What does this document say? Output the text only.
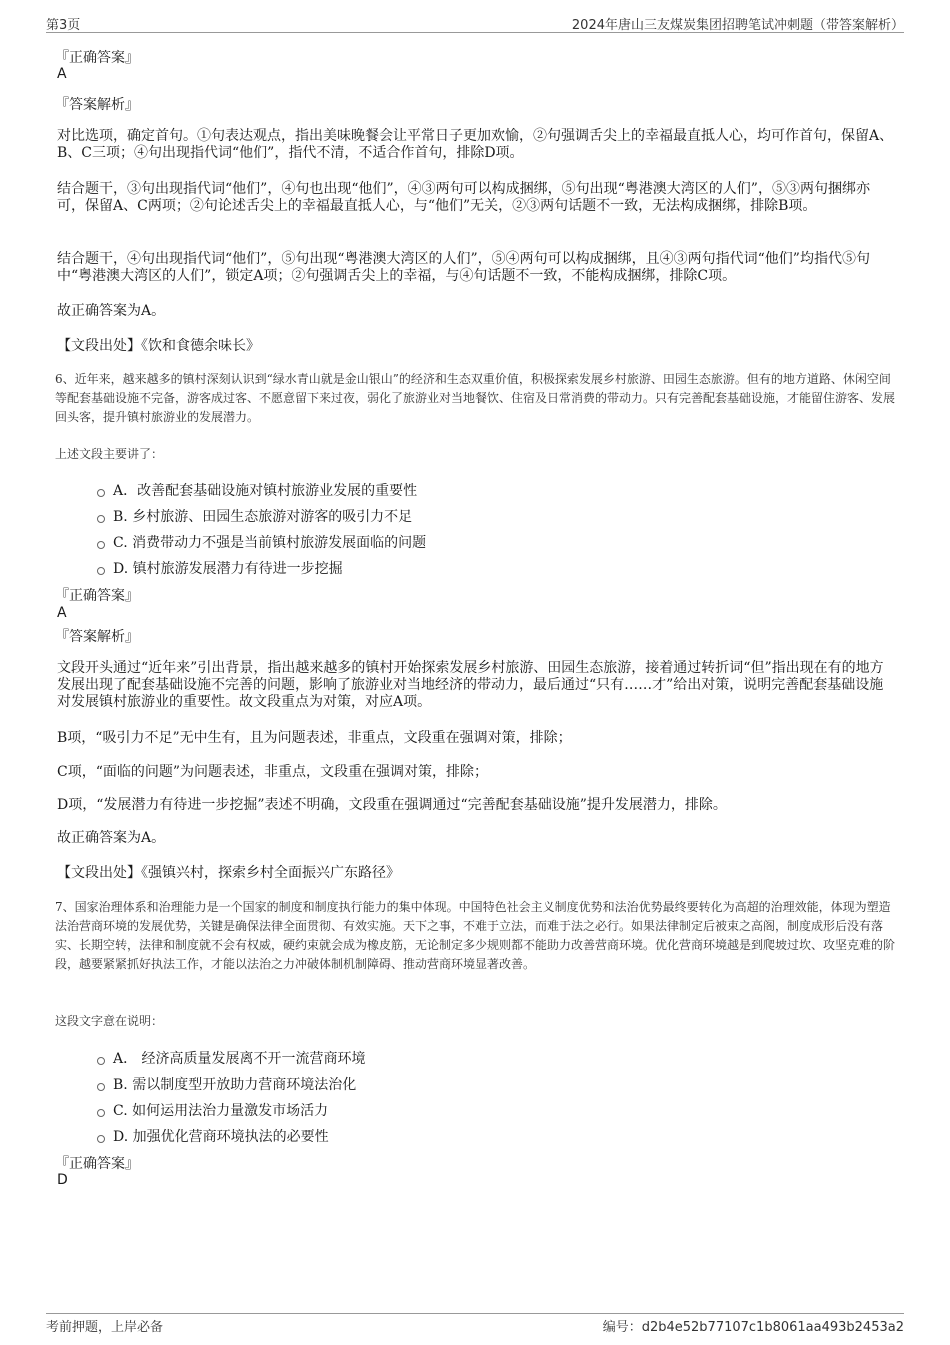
第3页	2024年唐山三友煤炭集团招聘笔试冲刺题（带答案解析）
『正确答案』
A
『答案解析』
对比选项，确定首句。①句表达观点，指出美味晚餐会让平常日子更加欢愉，②句强调舌尖上的幸福最直抵人心，均可作首句，保留A、B、C三项；④句出现指代词“他们”，指代不清，不适合作首句，排除D项。
结合题干，③句出现指代词“他们”，④句也出现“他们”，④③两句可以构成捆绑，⑤句出现“粤港澳大湾区的人们”，⑤③两句捆绑亦可，保留A、C两项；②句论述舌尖上的幸福最直抵人心，与“他们”无关，②③两句话题不一致，无法构成捆绑，排除B项。
结合题干，④句出现指代词“他们”，⑤句出现“粤港澳大湾区的人们”，⑤④两句可以构成捆绑，且④③两句指代词“他们”均指代⑤句中“粤港澳大湾区的人们”，锁定A项；②句强调舌尖上的幸福，与④句话题不一致，不能构成捆绑，排除C项。
故正确答案为A。
【文段出处】《饮和食德余味长》
6、近年来，越来越多的镇村深刻认识到“绿水青山就是金山银山”的经济和生态双重价值，积极探索发展乡村旅游、田园生态旅游。但有的地方道路、休闲空间等配套基础设施不完备，游客成过客、不愿意留下来过夜，弱化了旅游业对当地餐饮、住宿及日常消费的带动力。只有完善配套基础设施，才能留住游客、发展回头客，提升镇村旅游业的发展潜力。
上述文段主要讲了：
A．改善配套基础设施对镇村旅游业发展的重要性
B. 乡村旅游、田园生态旅游对游客的吸引力不足
C. 消费带动力不强是当前镇村旅游发展面临的问题
D. 镇村旅游发展潜力有待进一步挖掘
『正确答案』
A
『答案解析』
文段开头通过“近年来”引出背景，指出越来越多的镇村开始探索发展乡村旅游、田园生态旅游，接着通过转折词“但”指出现在有的地方发展出现了配套基础设施不完善的问题，影响了旅游业对当地经济的带动力，最后通过“只有……才”给出对策，说明完善配套基础设施对发展镇村旅游业的重要性。故文段重点为对策，对应A项。
B项，“吸引力不足”无中生有，且为问题表述，非重点，文段重在强调对策，排除；
C项，“面临的问题”为问题表述，非重点，文段重在强调对策，排除；
D项，“发展潜力有待进一步挖掘”表述不明确，文段重在强调通过“完善配套基础设施”提升发展潜力，排除。
故正确答案为A。
【文段出处】《强镇兴村，探索乡村全面振兴广东路径》
7、国家治理体系和治理能力是一个国家的制度和制度执行能力的集中体现。中国特色社会主义制度优势和法治优势最终要转化为高超的治理效能，体现为塑造法治营商环境的发展优势，关键是确保法律全面贯彻、有效实施。天下之事，不难于立法，而难于法之必行。如果法律制定后被束之高阁，制度成形后没有落实、长期空转，法律和制度就不会有权威，硬约束就会成为橡皮筋，无论制定多少规则都不能助力改善营商环境。优化营商环境越是到爬坡过坎、攻坚克难的阶段，越要紧紧抓好执法工作，才能以法治之力冲破体制机制障碍、推动营商环境显著改善。
这段文字意在说明：
A． 经济高质量发展离不开一流营商环境
B. 需以制度型开放助力营商环境法治化
C. 如何运用法治力量激发市场活力
D. 加强优化营商环境执法的必要性
『正确答案』
D
考前押题，上岸必备	编号：d2b4e52b77107c1b8061aa493b2453a2
